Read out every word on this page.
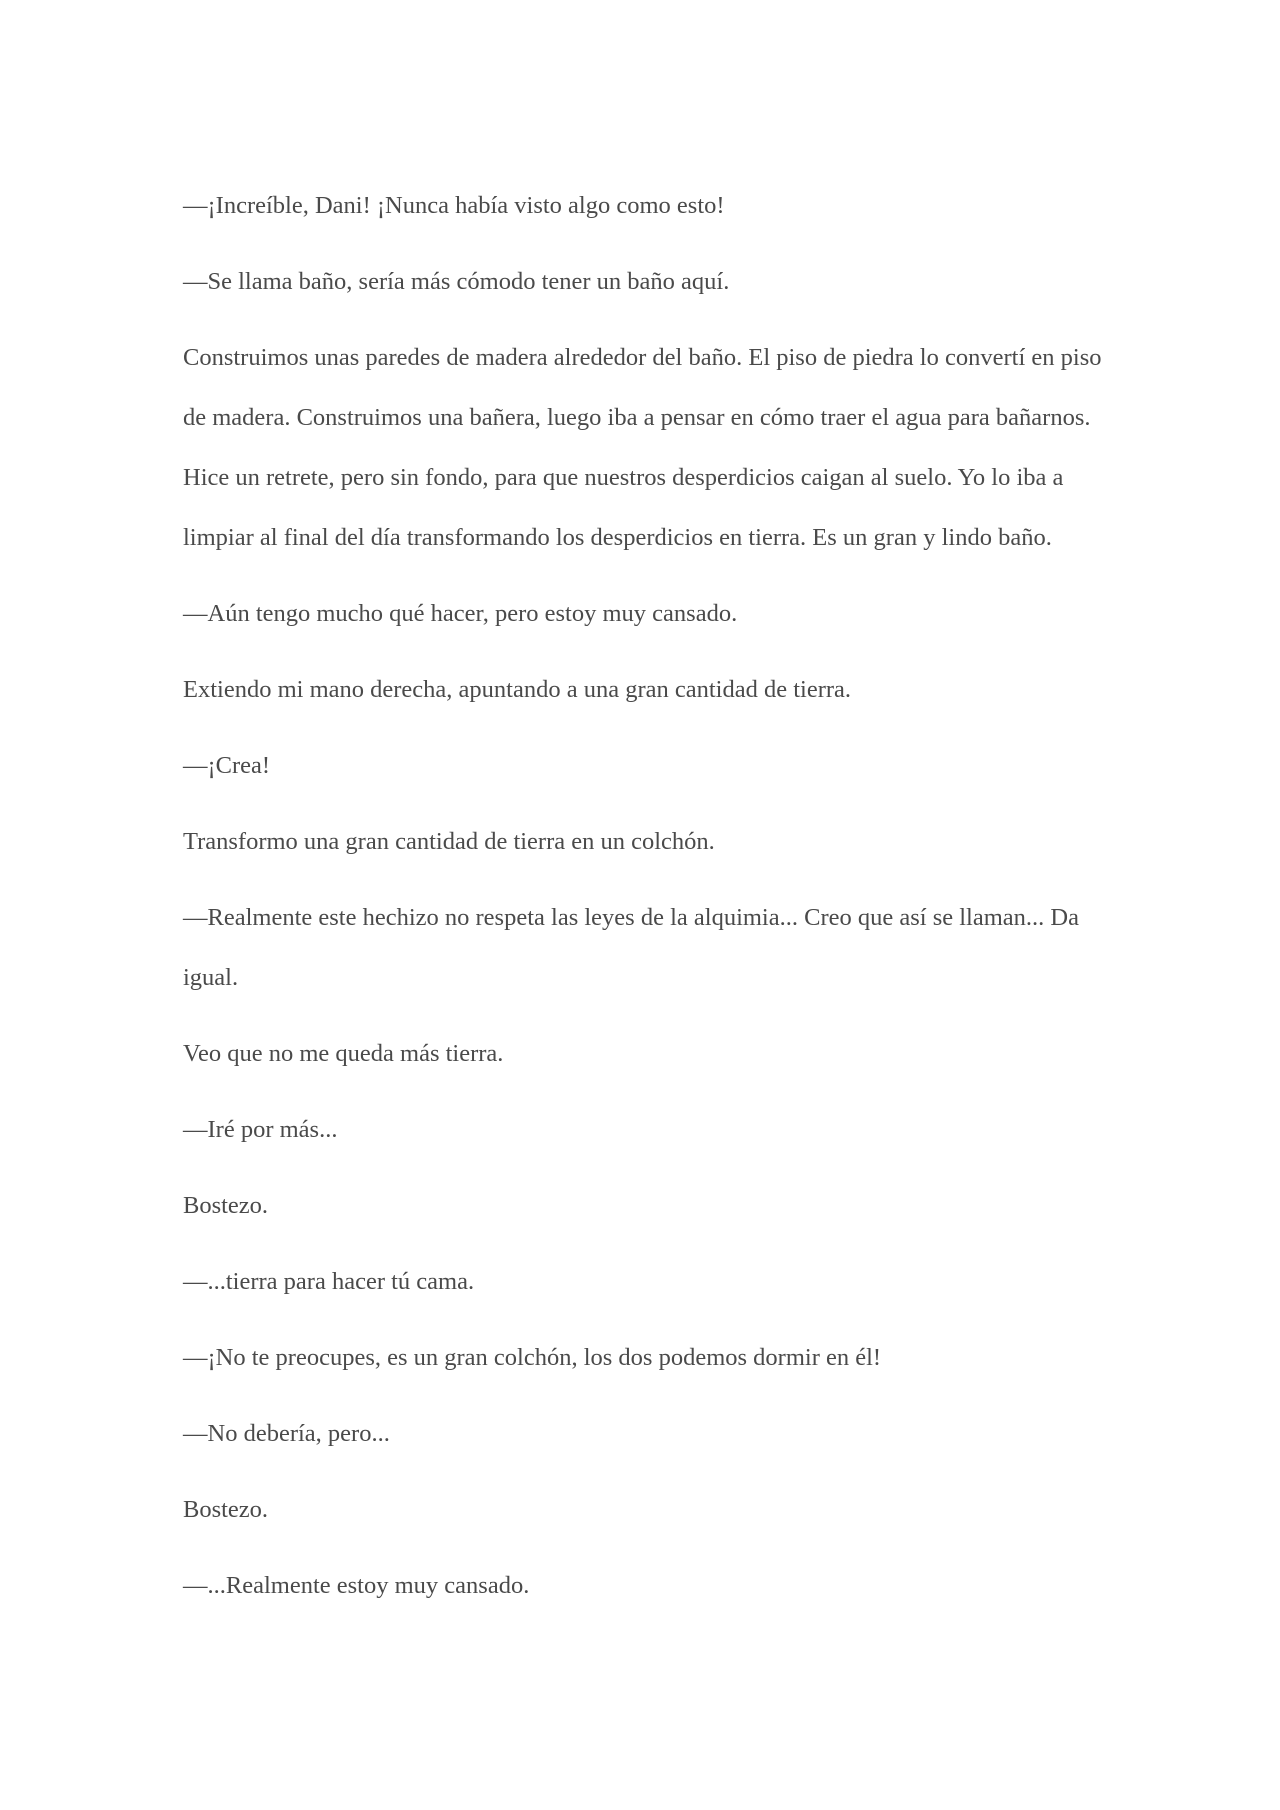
—¡Increíble, Dani! ¡Nunca había visto algo como esto!

—Se llama baño, sería más cómodo tener un baño aquí.

Construimos unas paredes de madera alrededor del baño. El piso de piedra lo convertí en piso de madera. Construimos una bañera, luego iba a pensar en cómo traer el agua para bañarnos. Hice un retrete, pero sin fondo, para que nuestros desperdicios caigan al suelo. Yo lo iba a limpiar al final del día transformando los desperdicios en tierra. Es un gran y lindo baño.

—Aún tengo mucho qué hacer, pero estoy muy cansado.

Extiendo mi mano derecha, apuntando a una gran cantidad de tierra.

—¡Crea!

Transformo una gran cantidad de tierra en un colchón.

—Realmente este hechizo no respeta las leyes de la alquimia... Creo que así se llaman... Da igual.

Veo que no me queda más tierra.

—Iré por más...

Bostezo.

—...tierra para hacer tú cama.

—¡No te preocupes, es un gran colchón, los dos podemos dormir en él!

—No debería, pero...

Bostezo.

—...Realmente estoy muy cansado.
